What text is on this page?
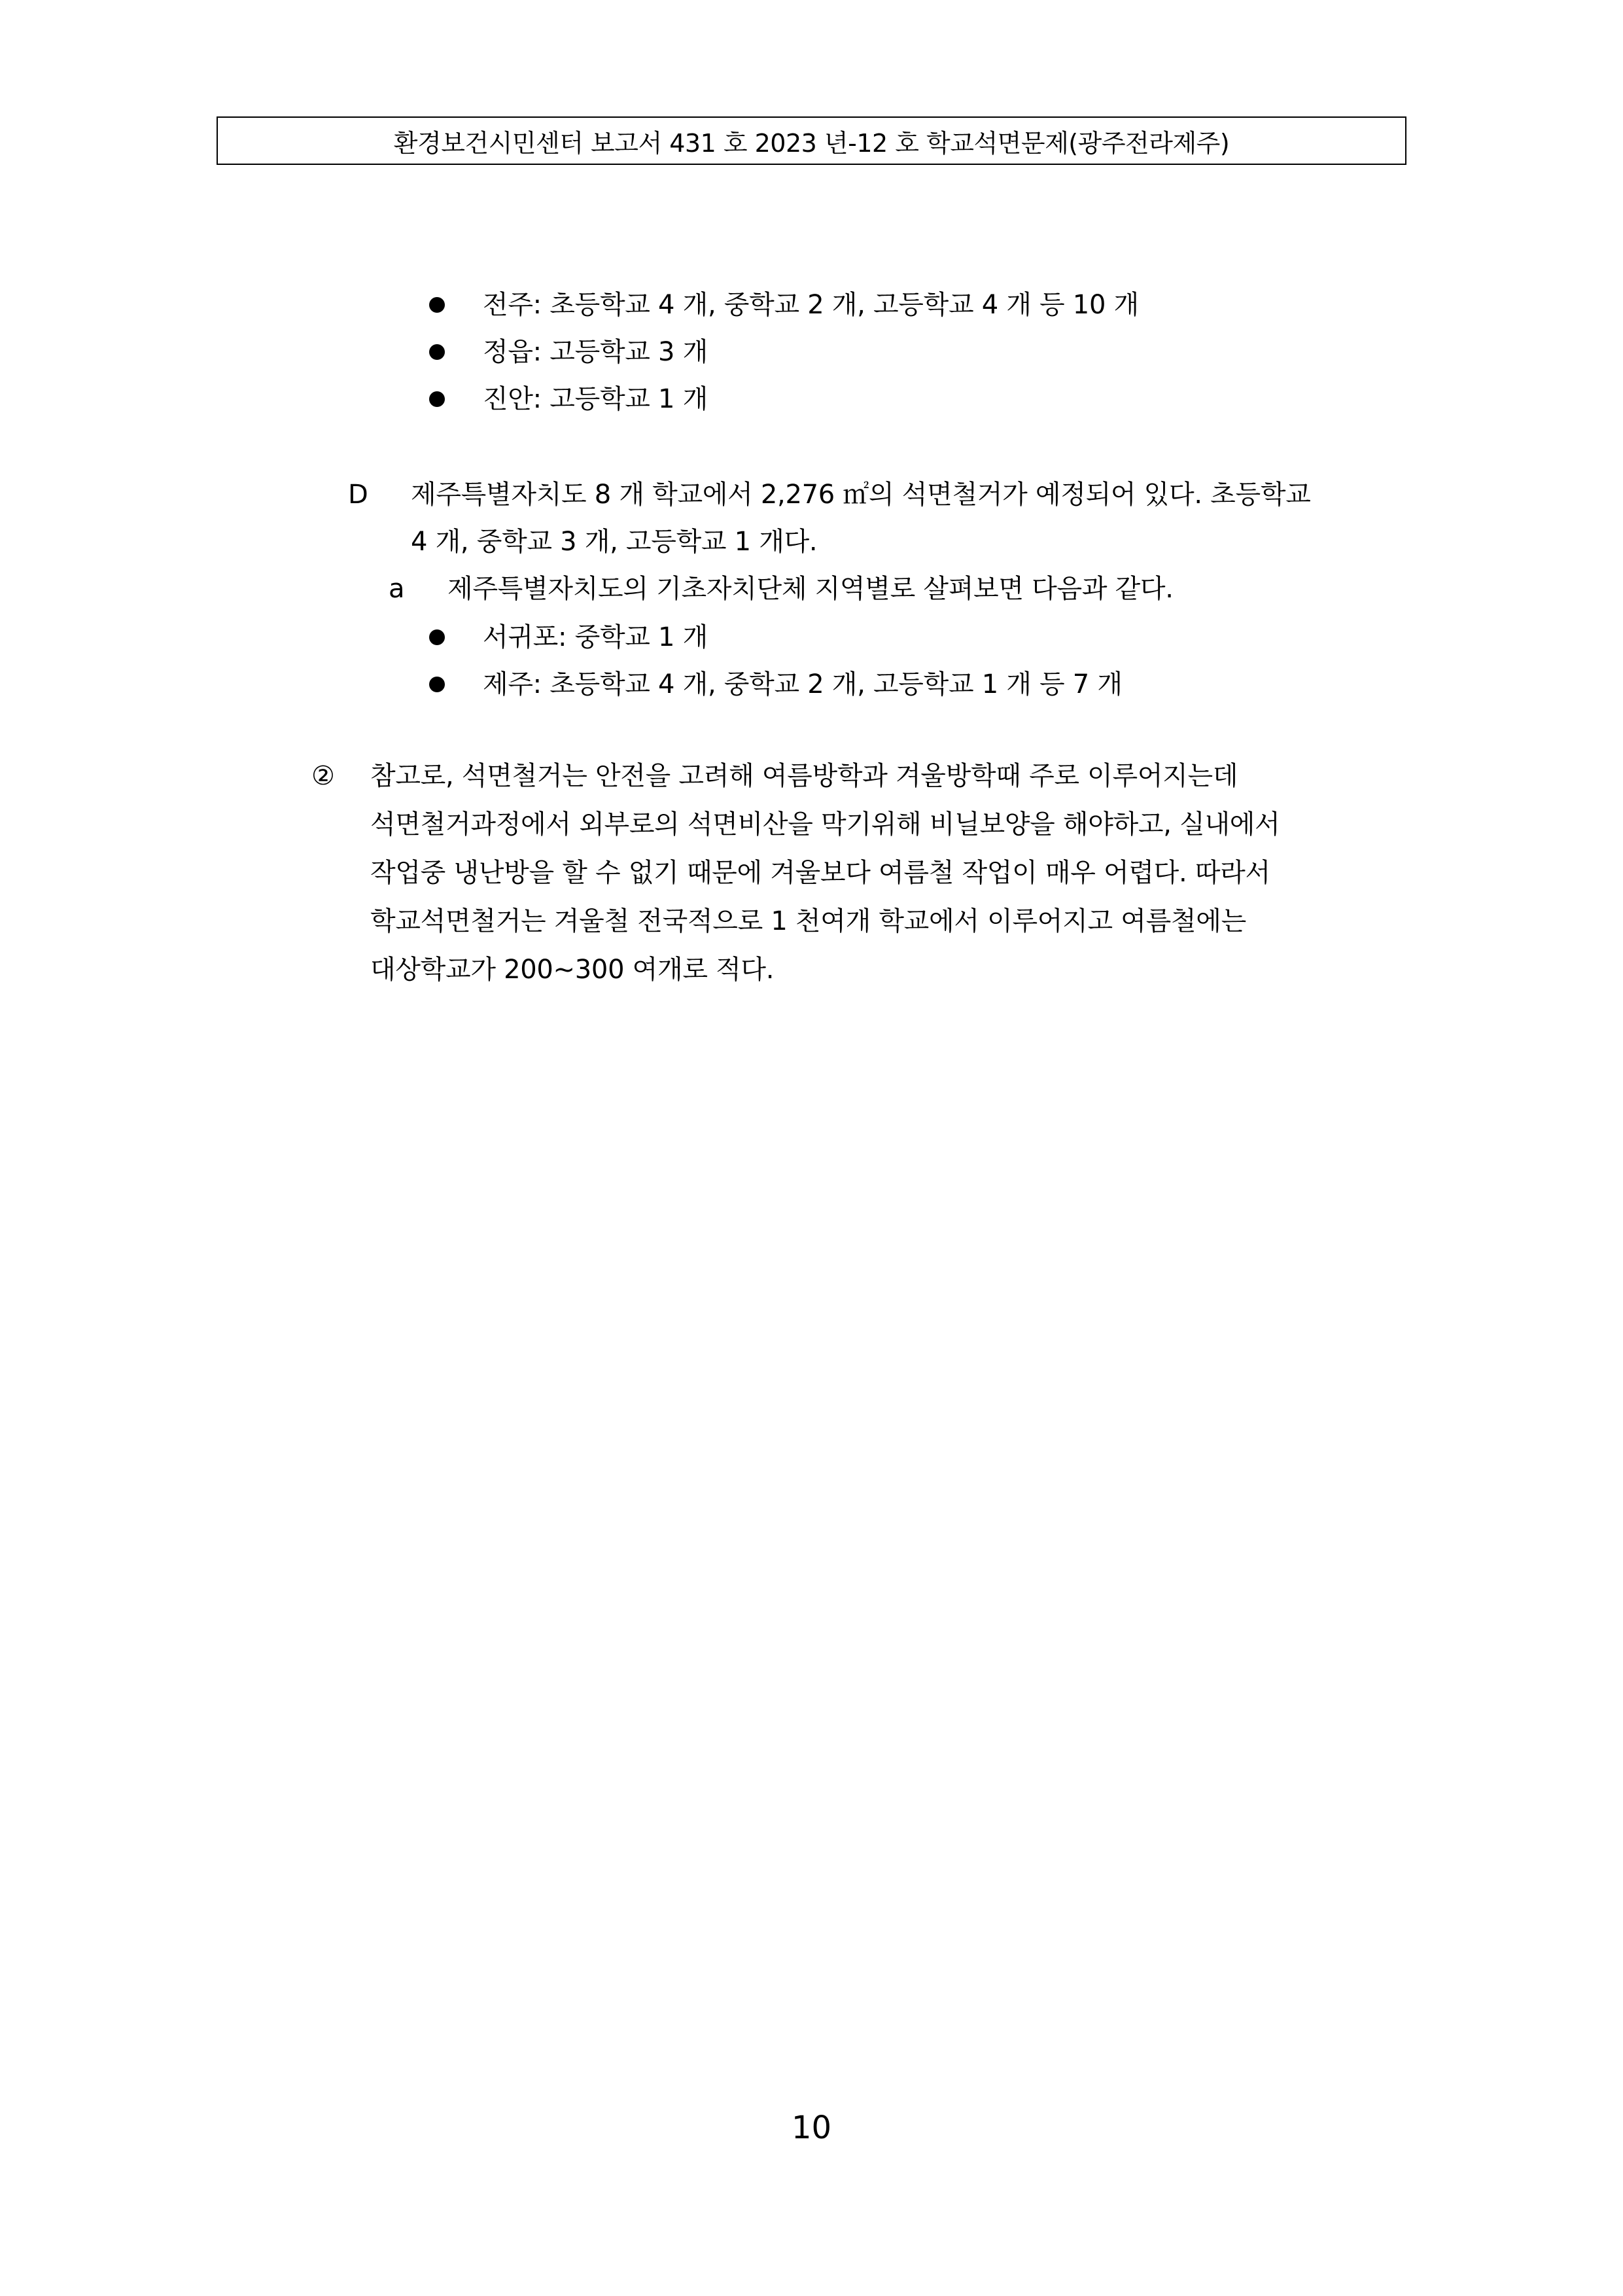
환경보건시민센터 보고서 431 호 2023 년-12 호 학교석면문제(광주전라제주)
전주: 초등학교 4 개, 중학교 2 개, 고등학교 4 개 등 10 개
정읍: 고등학교 3 개
진안: 고등학교 1 개
D 제주특별자치도 8 개 학교에서 2,276 ㎡의 석면철거가 예정되어 있다. 초등학교
4 개, 중학교 3 개, 고등학교 1 개다.
a 제주특별자치도의 기초자치단체 지역별로 살펴보면 다음과 같다.
서귀포: 중학교 1 개
제주: 초등학교 4 개, 중학교 2 개, 고등학교 1 개 등 7 개
② 참고로, 석면철거는 안전을 고려해 여름방학과 겨울방학때 주로 이루어지는데
석면철거과정에서 외부로의 석면비산을 막기위해 비닐보양을 해야하고, 실내에서
작업중 냉난방을 할 수 없기 때문에 겨울보다 여름철 작업이 매우 어렵다. 따라서
학교석면철거는 겨울철 전국적으로 1 천여개 학교에서 이루어지고 여름철에는
대상학교가 200~300 여개로 적다.
10
